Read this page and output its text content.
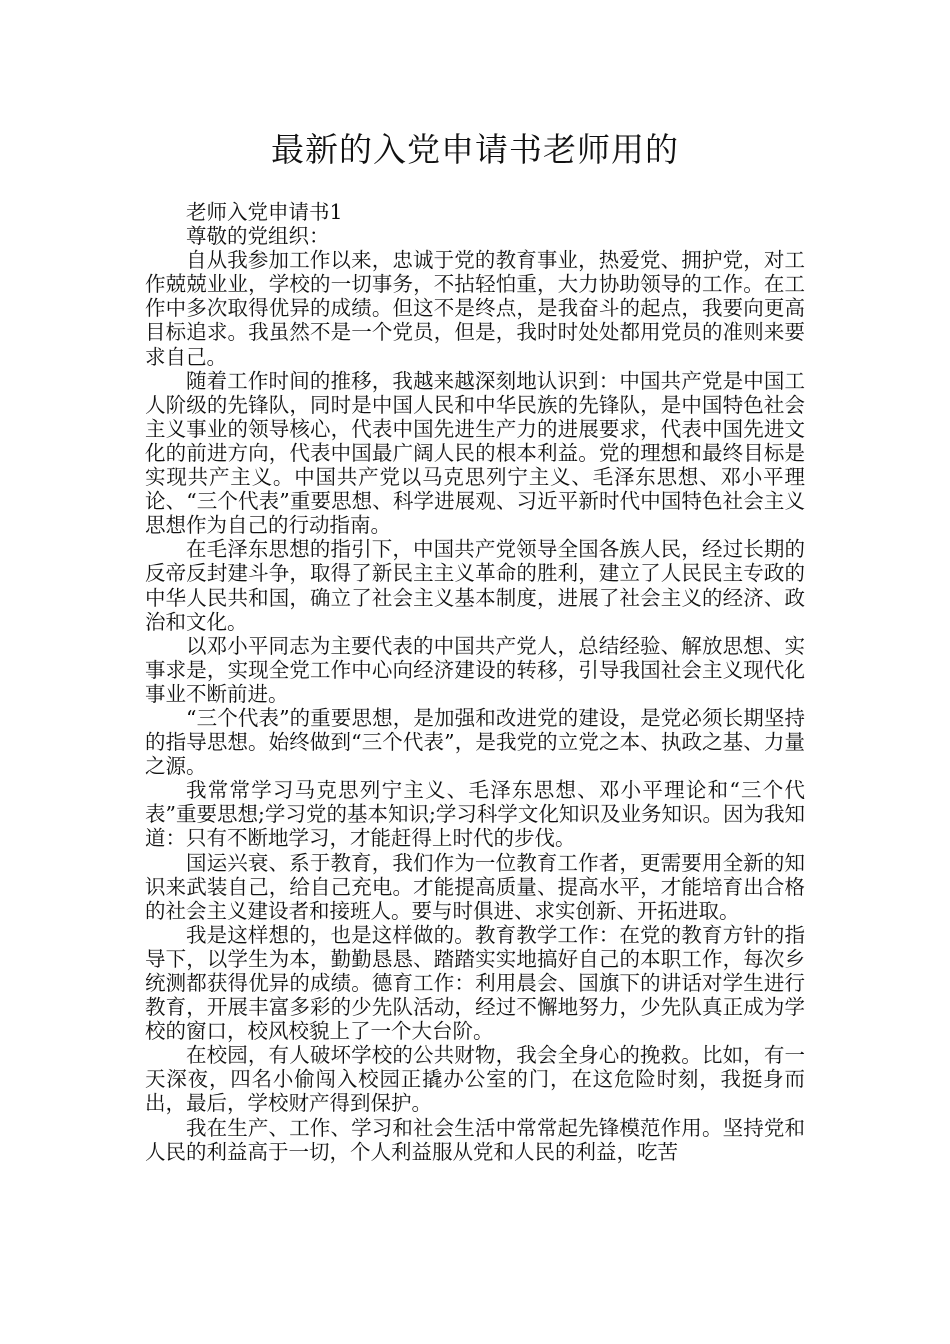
最新的入党申请书老师用的

老师入党申请书1

尊敬的党组织：

自从我参加工作以来，忠诚于党的教育事业，热爱党、拥护党，对工作兢兢业业，学校的一切事务，不拈轻怕重，大力协助领导的工作。在工作中多次取得优异的成绩。但这不是终点，是我奋斗的起点，我要向更高目标追求。我虽然不是一个党员，但是，我时时处处都用党员的准则来要求自己。

随着工作时间的推移，我越来越深刻地认识到：中国共产党是中国工人阶级的先锋队，同时是中国人民和中华民族的先锋队，是中国特色社会主义事业的领导核心，代表中国先进生产力的进展要求，代表中国先进文化的前进方向，代表中国最广阔人民的根本利益。党的理想和最终目标是实现共产主义。中国共产党以马克思列宁主义、毛泽东思想、邓小平理论、“三个代表”重要思想、科学进展观、习近平新时代中国特色社会主义思想作为自己的行动指南。

在毛泽东思想的指引下，中国共产党领导全国各族人民，经过长期的反帝反封建斗争，取得了新民主主义革命的胜利，建立了人民民主专政的中华人民共和国，确立了社会主义基本制度，进展了社会主义的经济、政治和文化。

以邓小平同志为主要代表的中国共产党人，总结经验、解放思想、实事求是，实现全党工作中心向经济建设的转移，引导我国社会主义现代化事业不断前进。

“三个代表”的重要思想，是加强和改进党的建设，是党必须长期坚持的指导思想。始终做到“三个代表”，是我党的立党之本、执政之基、力量之源。

我常常学习马克思列宁主义、毛泽东思想、邓小平理论和“三个代表”重要思想;学习党的基本知识;学习科学文化知识及业务知识。因为我知道：只有不断地学习，才能赶得上时代的步伐。

国运兴衰、系于教育，我们作为一位教育工作者，更需要用全新的知识来武装自己，给自己充电。才能提高质量、提高水平，才能培育出合格的社会主义建设者和接班人。要与时俱进、求实创新、开拓进取。

我是这样想的，也是这样做的。教育教学工作：在党的教育方针的指导下，以学生为本，勤勤恳恳、踏踏实实地搞好自己的本职工作，每次乡统测都获得优异的成绩。德育工作：利用晨会、国旗下的讲话对学生进行教育，开展丰富多彩的少先队活动，经过不懈地努力，少先队真正成为学校的窗口，校风校貌上了一个大台阶。

在校园，有人破坏学校的公共财物，我会全身心的挽救。比如，有一天深夜，四名小偷闯入校园正撬办公室的门，在这危险时刻，我挺身而出，最后，学校财产得到保护。

我在生产、工作、学习和社会生活中常常起先锋模范作用。坚持党和人民的利益高于一切，个人利益服从党和人民的利益，吃苦
